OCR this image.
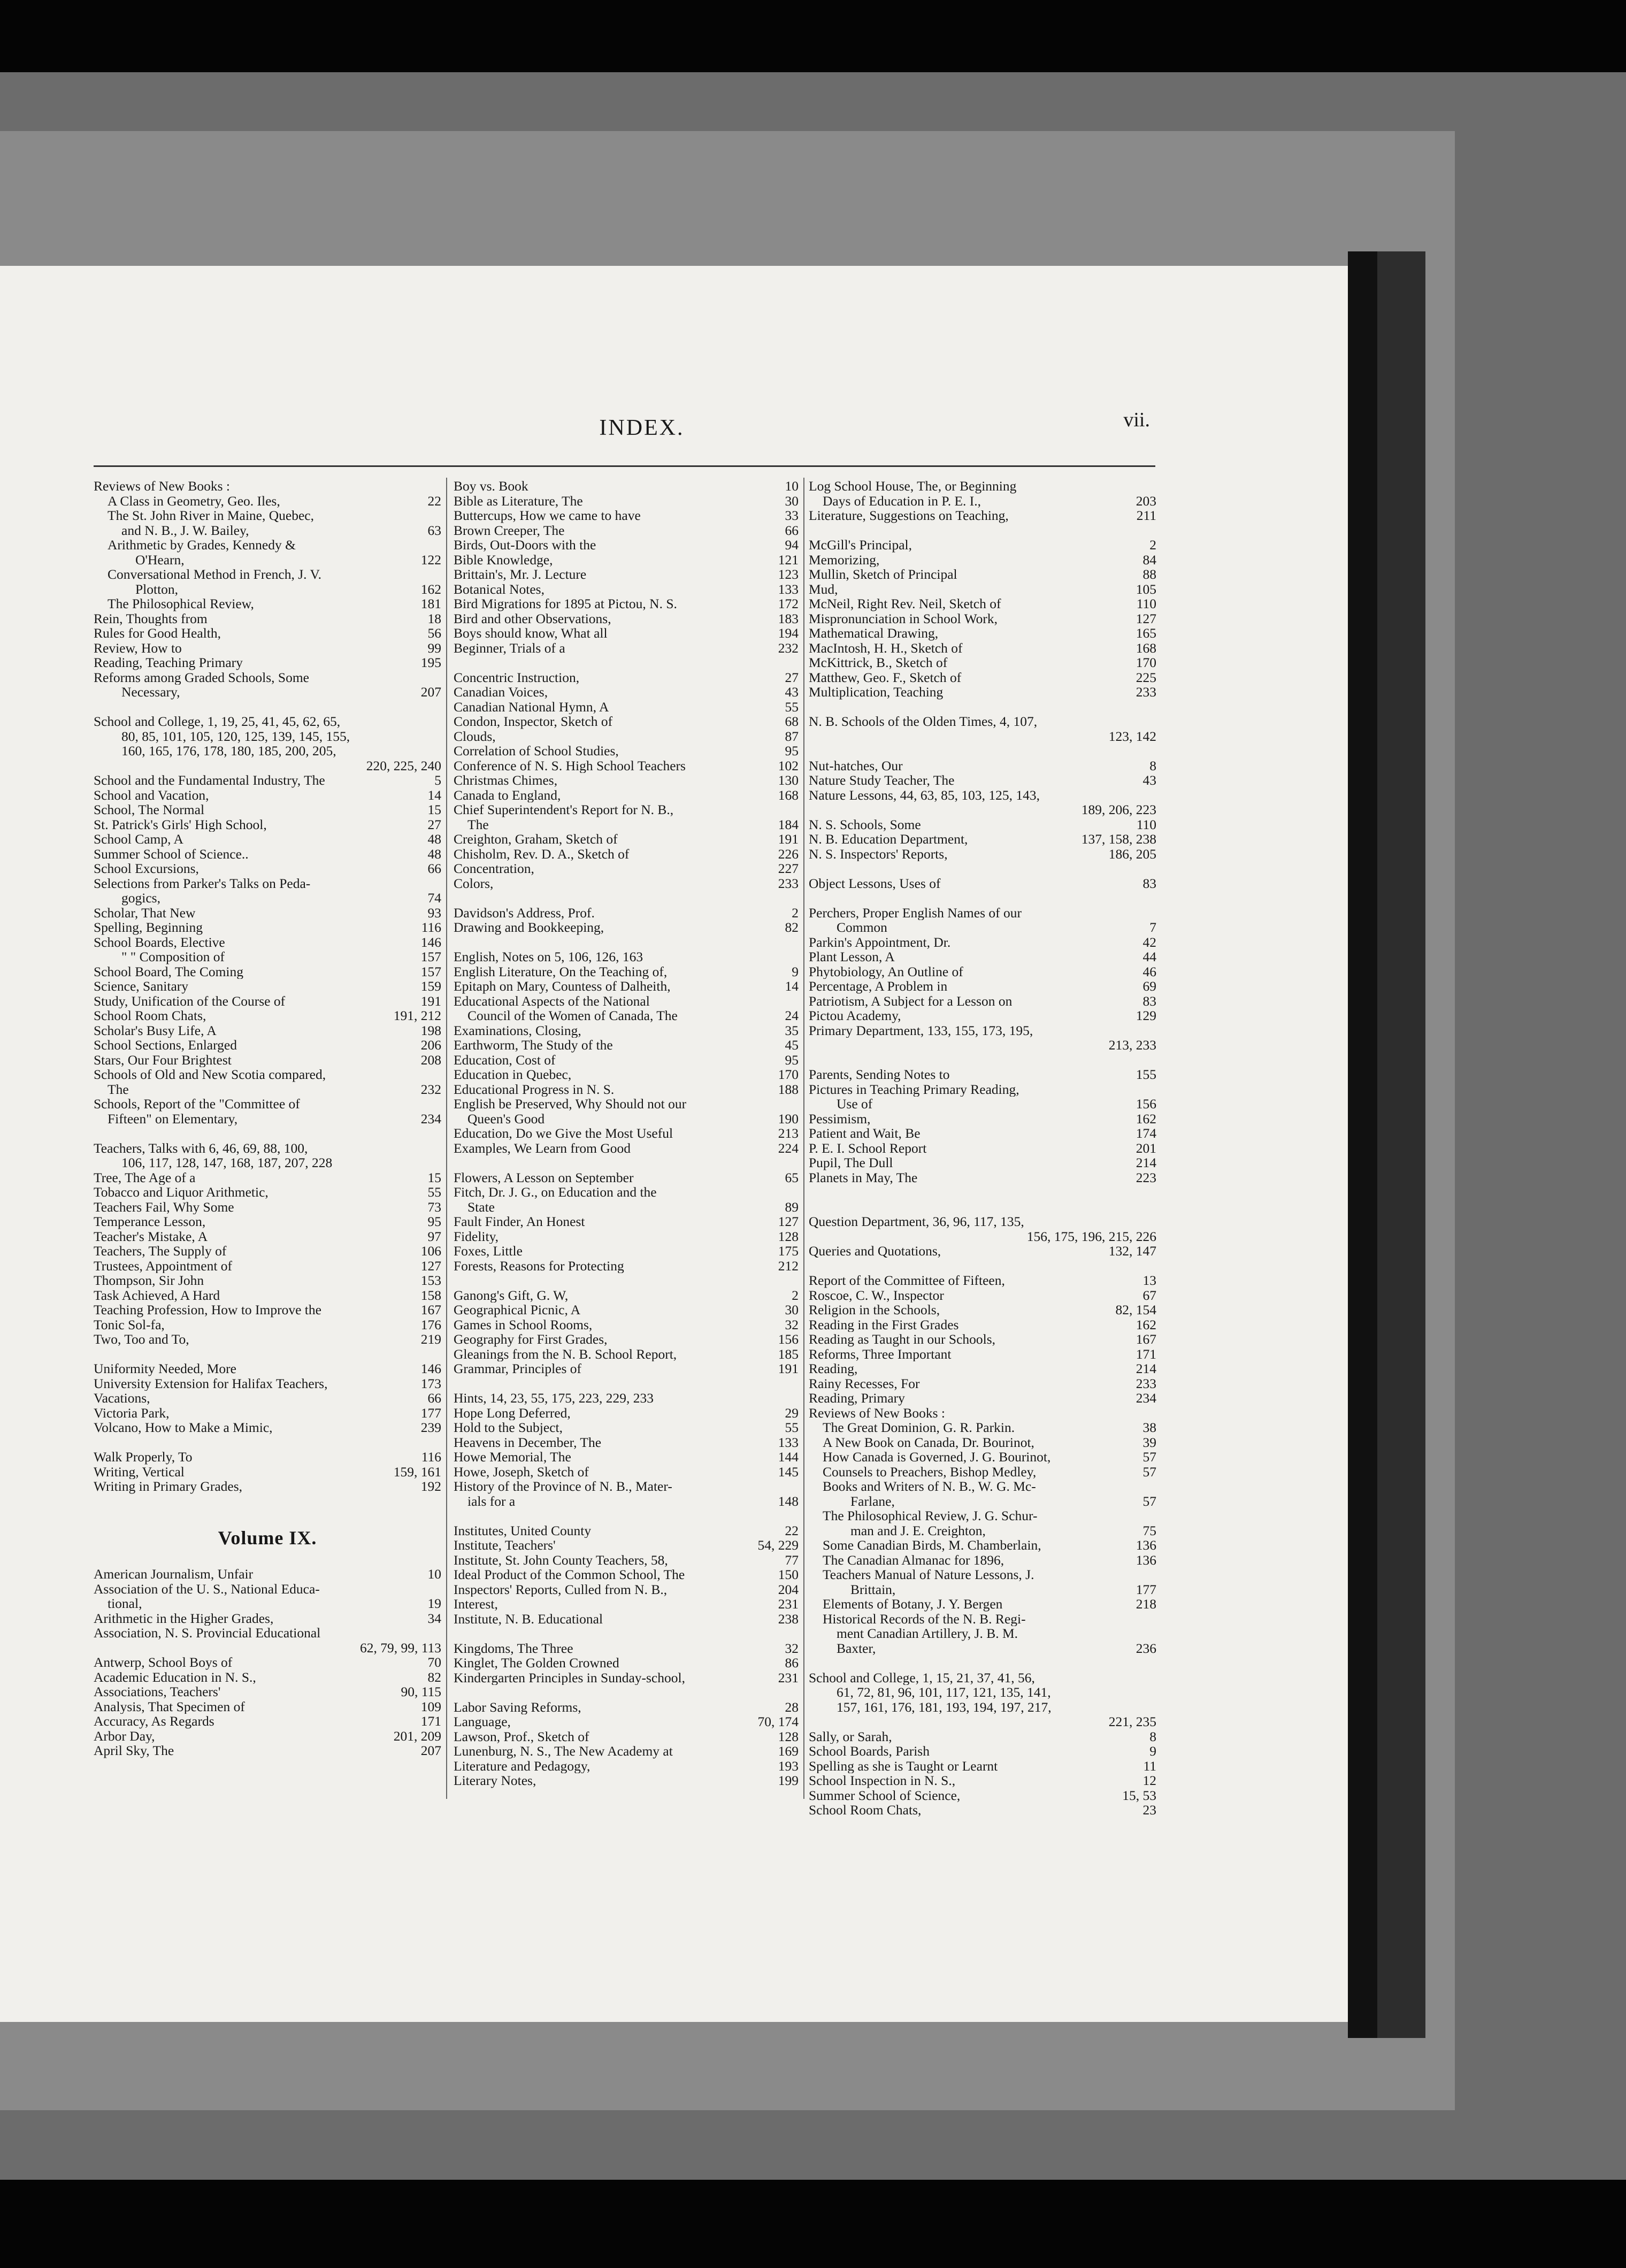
INDEX.	vii.
Reviews of New Books :
A Class in Geometry, Geo. Iles,	22
The St. John River in Maine, Quebec,
and N. B., J. W. Bailey,	63
Arithmetic by Grades, Kennedy &
O'Hearn,	122
Conversational Method in French, J. V.
Plotton,	162
The Philosophical Review,	181
Rein, Thoughts from	18
Rules for Good Health,	56
Review, How to	99
Reading, Teaching Primary	195
Reforms among Graded Schools, Some
Necessary,	207
School and College, 1, 19, 25, 41, 45, 62, 65,
80, 85, 101, 105, 120, 125, 139, 145, 155,
160, 165, 176, 178, 180, 185, 200, 205,
220, 225, 240
School and the Fundamental Industry, The	5
School and Vacation,	14
School, The Normal	15
St. Patrick's Girls' High School,	27
School Camp, A	48
Summer School of Science..	48
School Excursions,	66
Selections from Parker's Talks on Peda-
gogics,	74
Scholar, That New	93
Spelling, Beginning	116
School Boards, Elective	146
" " Composition of	157
School Board, The Coming	157
Science, Sanitary	159
Study, Unification of the Course of	191
School Room Chats,	191, 212
Scholar's Busy Life, A	198
School Sections, Enlarged	206
Stars, Our Four Brightest	208
Schools of Old and New Scotia compared,
The	232
Schools, Report of the "Committee of
Fifteen" on Elementary,	234
Teachers, Talks with 6, 46, 69, 88, 100,
106, 117, 128, 147, 168, 187, 207, 228
Tree, The Age of a	15
Tobacco and Liquor Arithmetic,	55
Teachers Fail, Why Some	73
Temperance Lesson,	95
Teacher's Mistake, A	97
Teachers, The Supply of	106
Trustees, Appointment of	127
Thompson, Sir John	153
Task Achieved, A Hard	158
Teaching Profession, How to Improve the	167
Tonic Sol-fa,	176
Two, Too and To,	219
Uniformity Needed, More	146
University Extension for Halifax Teachers,	173
Vacations,	66
Victoria Park,	177
Volcano, How to Make a Mimic,	239
Walk Properly, To	116
Writing, Vertical	159, 161
Writing in Primary Grades,	192
Volume IX.
American Journalism, Unfair	10
Association of the U. S., National Educa-
tional,	19
Arithmetic in the Higher Grades,	34
Association, N. S. Provincial Educational
62, 79, 99, 113
Antwerp, School Boys of	70
Academic Education in N. S.,	82
Associations, Teachers'	90, 115
Analysis, That Specimen of	109
Accuracy, As Regards	171
Arbor Day,	201, 209
April Sky, The	207
Boy vs. Book	10
Bible as Literature, The	30
Buttercups, How we came to have	33
Brown Creeper, The	66
Birds, Out-Doors with the	94
Bible Knowledge,	121
Brittain's, Mr. J. Lecture	123
Botanical Notes,	133
Bird Migrations for 1895 at Pictou, N. S.	172
Bird and other Observations,	183
Boys should know, What all	194
Beginner, Trials of a	232
Concentric Instruction,	27
Canadian Voices,	43
Canadian National Hymn, A	55
Condon, Inspector, Sketch of	68
Clouds,	87
Correlation of School Studies,	95
Conference of N. S. High School Teachers	102
Christmas Chimes,	130
Canada to England,	168
Chief Superintendent's Report for N. B.,
The	184
Creighton, Graham, Sketch of	191
Chisholm, Rev. D. A., Sketch of	226
Concentration,	227
Colors,	233
Davidson's Address, Prof.	2
Drawing and Bookkeeping,	82
English, Notes on 5, 106, 126, 163
English Literature, On the Teaching of,	9
Epitaph on Mary, Countess of Dalheith,	14
Educational Aspects of the National
Council of the Women of Canada, The	24
Examinations, Closing,	35
Earthworm, The Study of the	45
Education, Cost of	95
Education in Quebec,	170
Educational Progress in N. S.	188
English be Preserved, Why Should not our
Queen's Good	190
Education, Do we Give the Most Useful	213
Examples, We Learn from Good	224
Flowers, A Lesson on September	65
Fitch, Dr. J. G., on Education and the
State	89
Fault Finder, An Honest	127
Fidelity,	128
Foxes, Little	175
Forests, Reasons for Protecting	212
Ganong's Gift, G. W,	2
Geographical Picnic, A	30
Games in School Rooms,	32
Geography for First Grades,	156
Gleanings from the N. B. School Report,	185
Grammar, Principles of	191
Hints, 14, 23, 55, 175, 223, 229, 233
Hope Long Deferred,	29
Hold to the Subject,	55
Heavens in December, The	133
Howe Memorial, The	144
Howe, Joseph, Sketch of	145
History of the Province of N. B., Mater-
ials for a	148
Institutes, United County	22
Institute, Teachers'	54, 229
Institute, St. John County Teachers, 58,	77
Ideal Product of the Common School, The	150
Inspectors' Reports, Culled from N. B.,	204
Interest,	231
Institute, N. B. Educational	238
Kingdoms, The Three	32
Kinglet, The Golden Crowned	86
Kindergarten Principles in Sunday-school,	231
Labor Saving Reforms,	28
Language,	70, 174
Lawson, Prof., Sketch of	128
Lunenburg, N. S., The New Academy at	169
Literature and Pedagogy,	193
Literary Notes,	199
Log School House, The, or Beginning
Days of Education in P. E. I.,	203
Literature, Suggestions on Teaching,	211
McGill's Principal,	2
Memorizing,	84
Mullin, Sketch of Principal	88
Mud,	105
McNeil, Right Rev. Neil, Sketch of	110
Mispronunciation in School Work,	127
Mathematical Drawing,	165
MacIntosh, H. H., Sketch of	168
McKittrick, B., Sketch of	170
Matthew, Geo. F., Sketch of	225
Multiplication, Teaching	233
N. B. Schools of the Olden Times, 4, 107,
123, 142
Nut-hatches, Our	8
Nature Study Teacher, The	43
Nature Lessons, 44, 63, 85, 103, 125, 143,
189, 206, 223
N. S. Schools, Some	110
N. B. Education Department,	137, 158, 238
N. S. Inspectors' Reports,	186, 205
Object Lessons, Uses of	83
Perchers, Proper English Names of our
Common	7
Parkin's Appointment, Dr.	42
Plant Lesson, A	44
Phytobiology, An Outline of	46
Percentage, A Problem in	69
Patriotism, A Subject for a Lesson on	83
Pictou Academy,	129
Primary Department, 133, 155, 173, 195,
213, 233
Parents, Sending Notes to	155
Pictures in Teaching Primary Reading,
Use of	156
Pessimism,	162
Patient and Wait, Be	174
P. E. I. School Report	201
Pupil, The Dull	214
Planets in May, The	223
Question Department, 36, 96, 117, 135,
156, 175, 196, 215, 226
Queries and Quotations,	132, 147
Report of the Committee of Fifteen,	13
Roscoe, C. W., Inspector	67
Religion in the Schools,	82, 154
Reading in the First Grades	162
Reading as Taught in our Schools,	167
Reforms, Three Important	171
Reading,	214
Rainy Recesses, For	233
Reading, Primary	234
Reviews of New Books :
The Great Dominion, G. R. Parkin.	38
A New Book on Canada, Dr. Bourinot,	39
How Canada is Governed, J. G. Bourinot,	57
Counsels to Preachers, Bishop Medley,	57
Books and Writers of N. B., W. G. Mc-
Farlane,	57
The Philosophical Review, J. G. Schur-
man and J. E. Creighton,	75
Some Canadian Birds, M. Chamberlain,	136
The Canadian Almanac for 1896,	136
Teachers Manual of Nature Lessons, J.
Brittain,	177
Elements of Botany, J. Y. Bergen	218
Historical Records of the N. B. Regi-
ment Canadian Artillery, J. B. M.
Baxter,	236
School and College, 1, 15, 21, 37, 41, 56,
61, 72, 81, 96, 101, 117, 121, 135, 141,
157, 161, 176, 181, 193, 194, 197, 217,
221, 235
Sally, or Sarah,	8
School Boards, Parish	9
Spelling as she is Taught or Learnt	11
School Inspection in N. S.,	12
Summer School of Science,	15, 53
School Room Chats,	23
